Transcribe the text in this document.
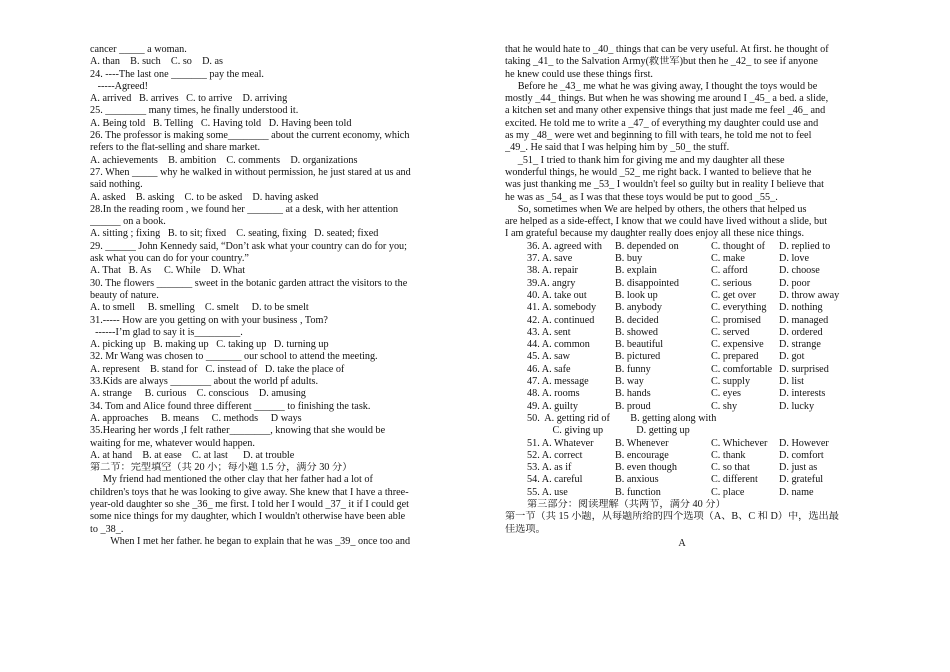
cancer _____ a woman.
A. than    B. such    C. so    D. as
24. ----The last one _______ pay the meal.
-----Agreed!
A. arrived   B. arrives   C. to arrive    D. arriving
25. ________ many times, he finally understood it.
A. Being told   B. Telling   C. Having told   D. Having been told
26. The professor is making some________ about the current economy, which
refers to the flat-selling and share market.
A. achievements    B. ambition    C. comments    D. organizations
27. When _____ why he walked in without permission, he just stared at us and
said nothing.
A. asked    B. asking    C. to be asked    D. having asked
28.In the reading room , we found her _______ at a desk, with her attention
______ on a book.
A. sitting ; fixing   B. to sit; fixed    C. seating, fixing   D. seated; fixed
29. ______ John Kennedy said, “Don’t ask what your country can do for you;
ask what you can do for your country.”
A. That   B. As     C. While    D. What
30. The flowers _______ sweet in the botanic garden attract the visitors to the
beauty of nature.
A. to smell     B. smelling    C. smelt     D. to be smelt
31.----- How are you getting on with your business , Tom?
------I’m glad to say it is_________.
A. picking up   B. making up   C. taking up   D. turning up
32. Mr Wang was chosen to _______ our school to attend the meeting.
A. represent    B. stand for   C. instead of   D. take the place of
33.Kids are always ________ about the world pf adults.
A. strange     B. curious    C. conscious    D. amusing
34. Tom and Alice found three different ______ to finishing the task.
A. approaches     B. means     C. methods     D ways
35.Hearing her words ,I felt rather________, knowing that she would be
waiting for me, whatever would happen.
A. at hand    B. at ease    C. at last      D. at trouble
第二节：完型填空（共 20 小；每小题 1.5 分，满分 30 分）
My friend had mentioned the other clay that her father had a lot of
children's toys that he was looking to give away. She knew that I have a three-
year-old daughter so she _36_ me first. I told her I would _37_ it if I could get
some nice things for my daughter, which I wouldn't otherwise have been able
to _38_.
When I met her father. he began to explain that he was _39_ once too and
that he would hate to _40_ things that can be very useful. At first. he thought of
taking _41_ to the Salvation Army(救世军)but then he _42_ to see if anyone
he knew could use these things first.
Before he _43_ me what he was giving away, I thought the toys would be
mostly _44_ things. But when he was showing me around I _45_ a bed. a slide,
a kitchen set and many other expensive things that just made me feel _46_ and
excited. He told me to write a _47_ of everything my daughter could use and
as my _48_ were wet and beginning to fill with tears, he told me not to feel
_49_. He said that I was helping him by _50_ the stuff.
_51_ I tried to thank him for giving me and my daughter all these
wonderful things, he would _52_ me right back. I wanted to believe that he
was just thanking me _53_ I wouldn't feel so guilty but in reality I believe that
he was as _54_ as I was that these toys would be put to good _55_.
So, sometimes when We are helped by others, the others that helped us
are helped as a side-effect, I know that we could have lived without a slide, but
I am grateful because my daughter really does enjoy all these nice things.
36. A. agreed with B. depended on	C. thought of D. replied to
37. A. save	B. buy	C. make	D. love
38. A. repair	B. explain	C. afford	D. choose
39.A. angry	B. disappointed	C. serious	D. poor
40. A. take out	B. look up	C. get over D. throw away
41. A. somebody B. anybody	C. everything D. nothing
42. A. continued B. decided	C. promised D. managed
43. A. sent	B. showed	C. served	D. ordered
44. A. common B. beautiful	C. expensive D. strange
45. A. saw	B. pictured	C. prepared D. got
46. A. safe	B. funny	C. comfortable D. surprised
47. A. message	B. way	C. supply	D. list
48. A. rooms	B. hands	C. eyes	D. interests
49. A. guilty	B. proud	C. shy	D. lucky
50.  A. getting rid of        B. getting along with
C. giving up             D. getting up
51. A. Whatever B. Whenever	C. Whichever D. However
52. A. correct	B. encourage	C. thank	D. comfort
53. A. as if	B. even though	C. so that	D. just as
54. A. careful	B. anxious	C. different D. grateful
55. A. use	B. function	C. place	D. name
第三部分：阅读理解（共两节，满分 40 分）
第一节（共 15 小题，从每题所给的四个选项（A、B、C 和 D）中，选出最
佳选项。
A
